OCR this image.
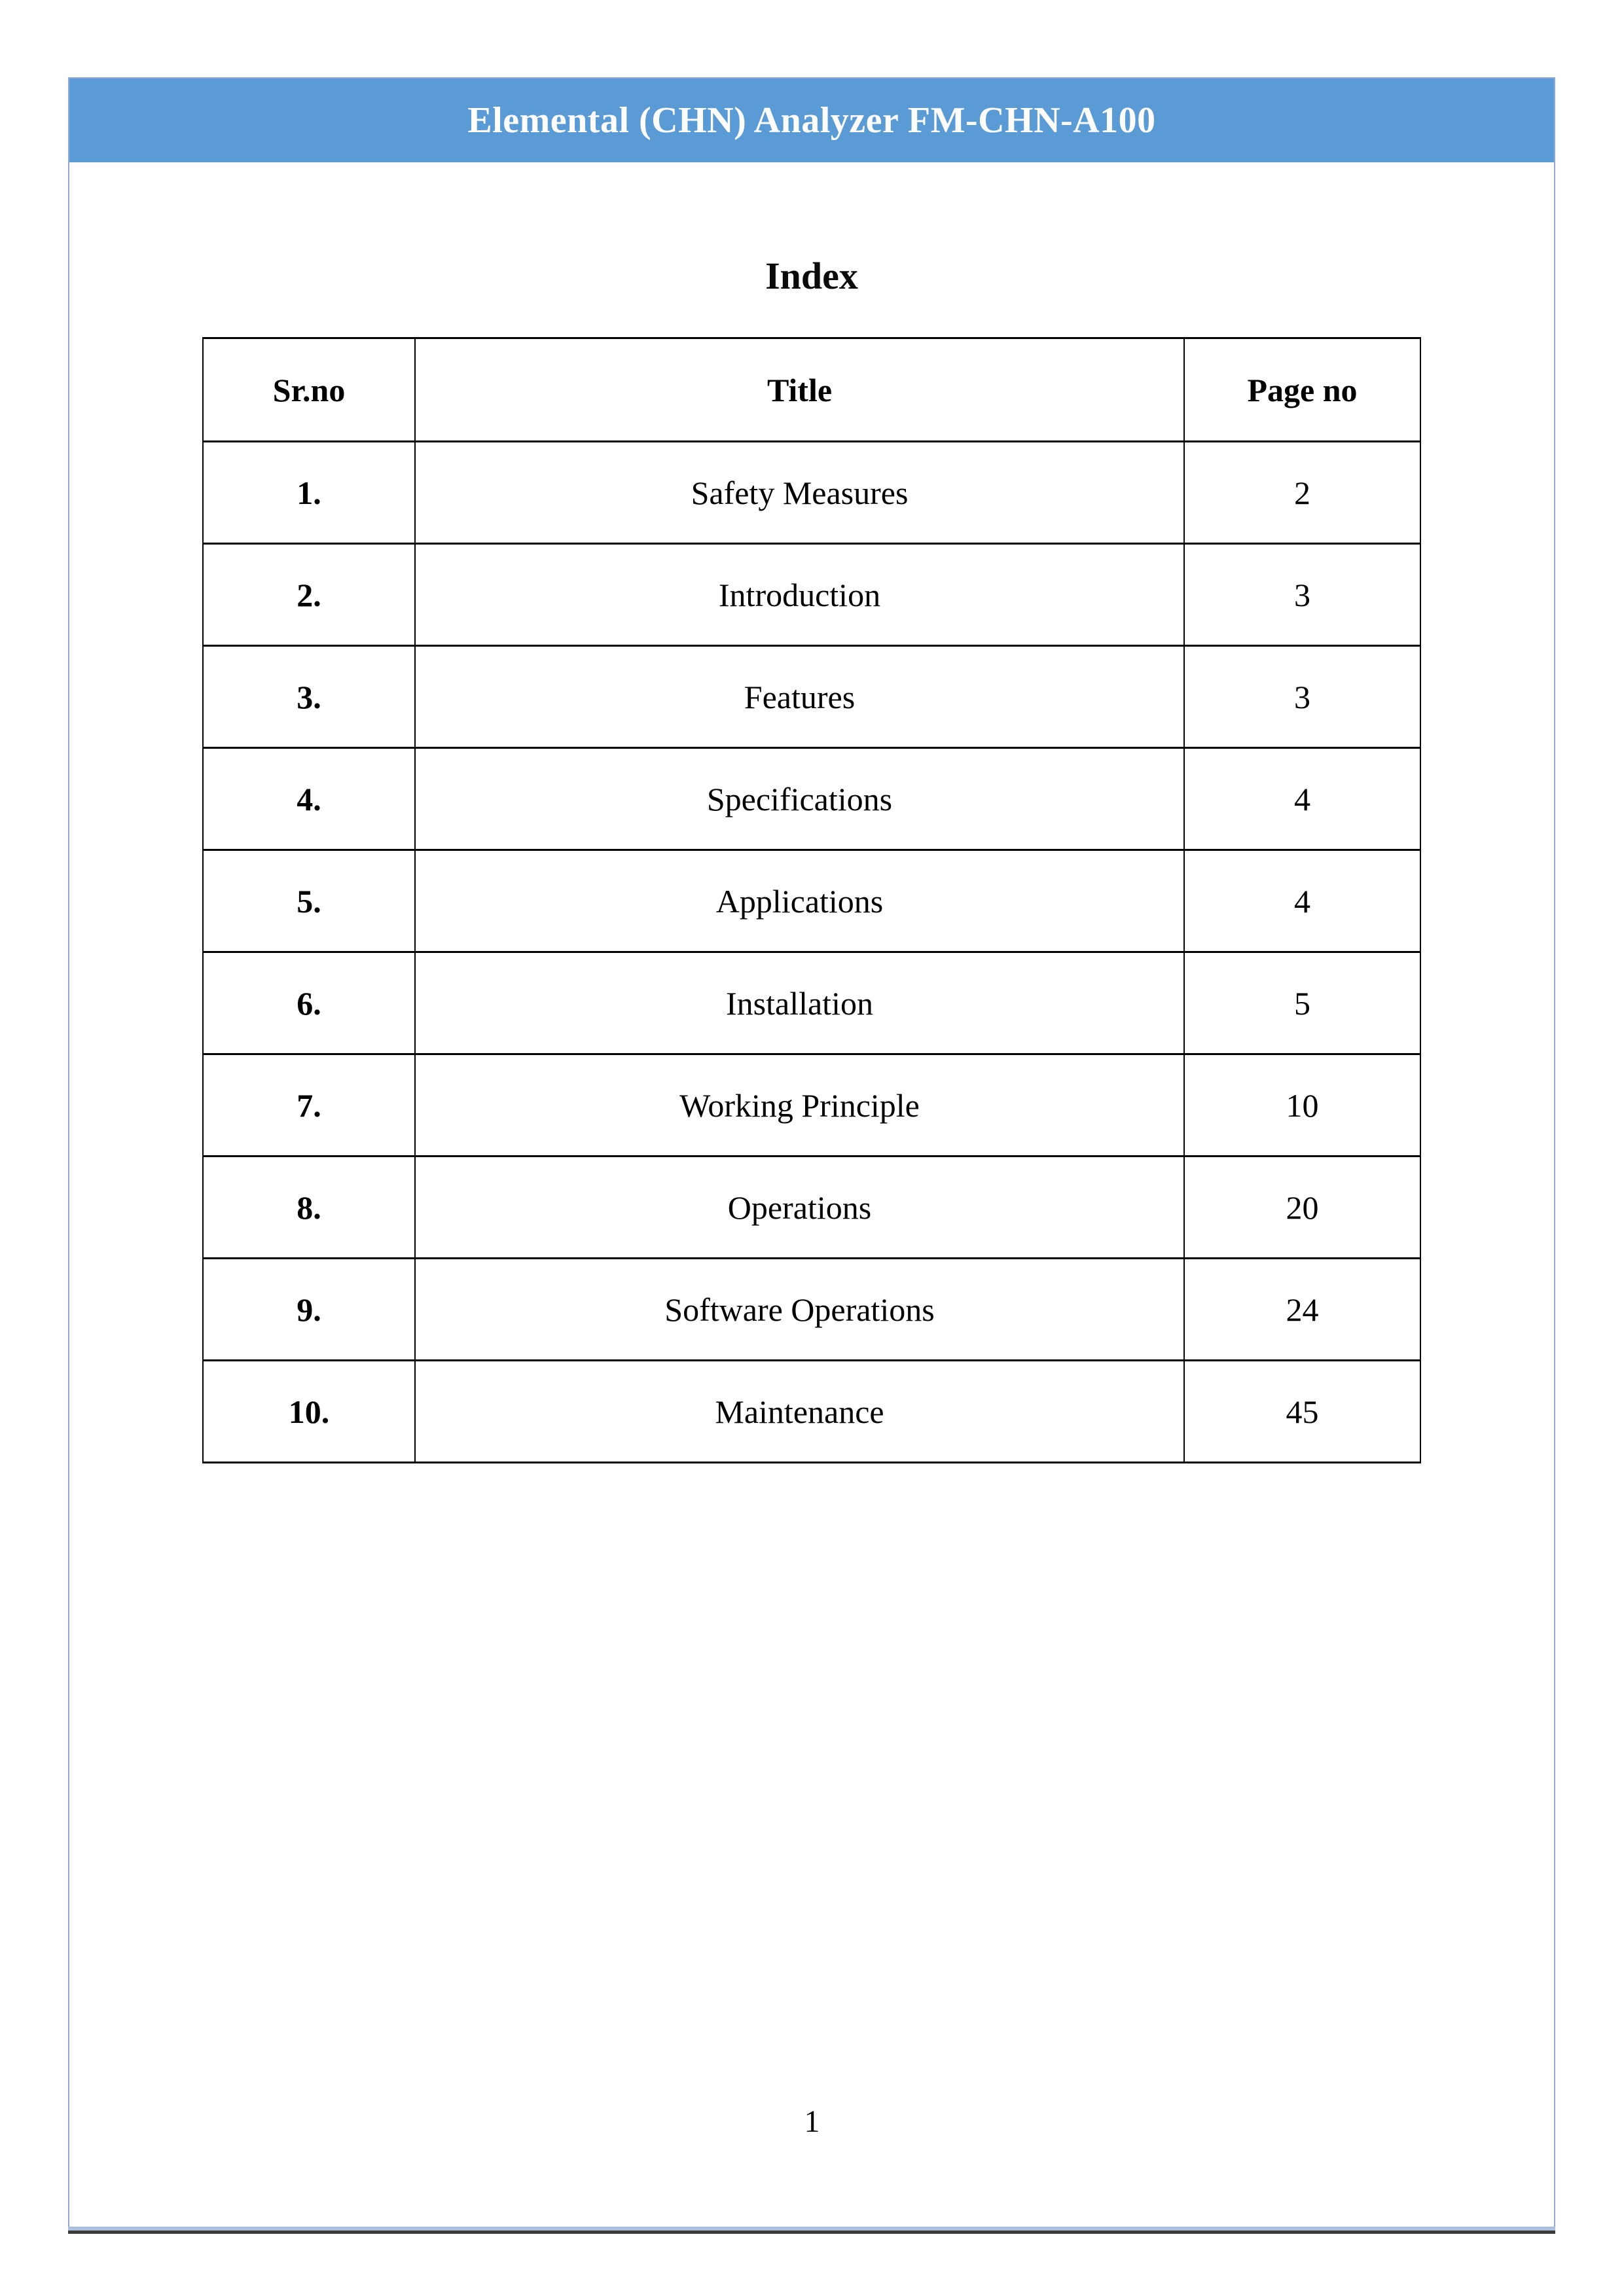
Elemental (CHN) Analyzer FM-CHN-A100
Index
Sr.no	Title	Page no
1.	Safety Measures	2
2.	Introduction	3
3.	Features	3
4.	Specifications	4
5.	Applications	4
6.	Installation	5
7.	Working Principle	10
8.	Operations	20
9.	Software Operations	24
10.	Maintenance	45
1
